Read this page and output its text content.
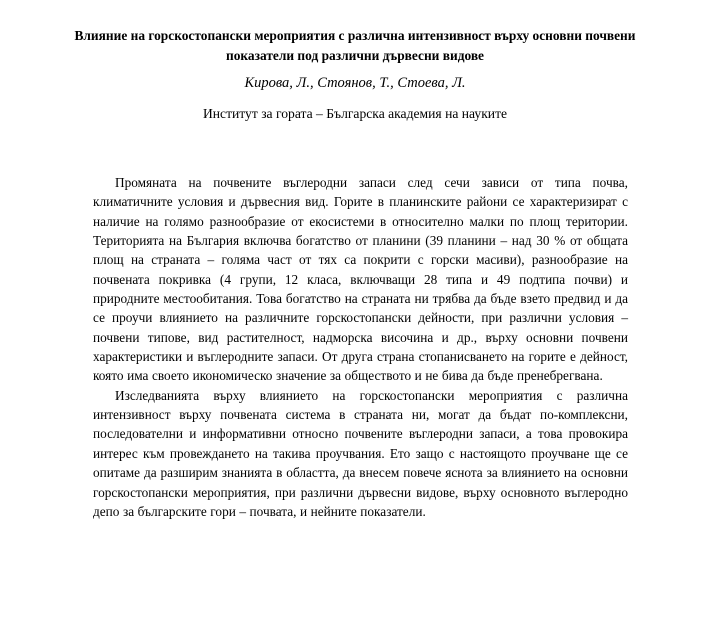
Влияние на горскостопански мероприятия с различна интензивност върху основни почвени показатели под различни дървесни видове
Кирова, Л., Стоянов, Т., Стоева, Л.
Институт за гората – Българска академия на науките

Промяната на почвените въглеродни запаси след сечи зависи от типа почва, климатичните условия и дървесния вид. Горите в планинските райони се характеризират с наличие на голямо разнообразие от екосистеми в относително малки по площ територии. Територията на България включва богатство от планини (39 планини – над 30 % от общата площ на страната – голяма част от тях са покрити с горски масиви), разнообразие на почвената покривка (4 групи, 12 класа, включващи 28 типа и 49 подтипа почви) и природните местообитания. Това богатство на страната ни трябва да бъде взето предвид и да се проучи влиянието на различните горскостопански дейности, при различни условия – почвени типове, вид растителност, надморска височина и др., върху основни почвени характеристики и въглеродните запаси. От друга страна стопанисването на горите е дейност, която има своето икономическо значение за обществото и не бива да бъде пренебрегвана.

Изследванията върху влиянието на горскостопански мероприятия с различна интензивност върху почвената система в страната ни, могат да бъдат по-комплексни, последователни и информативни относно почвените въглеродни запаси, а това провокира интерес към провеждането на такива проучвания. Ето защо с настоящото проучване ще се опитаме да разширим знанията в областта, да внесем повече яснота за влиянието на основни горскостопански мероприятия, при различни дървесни видове, върху основното въглеродно депо за българските гори – почвата, и нейните показатели.
